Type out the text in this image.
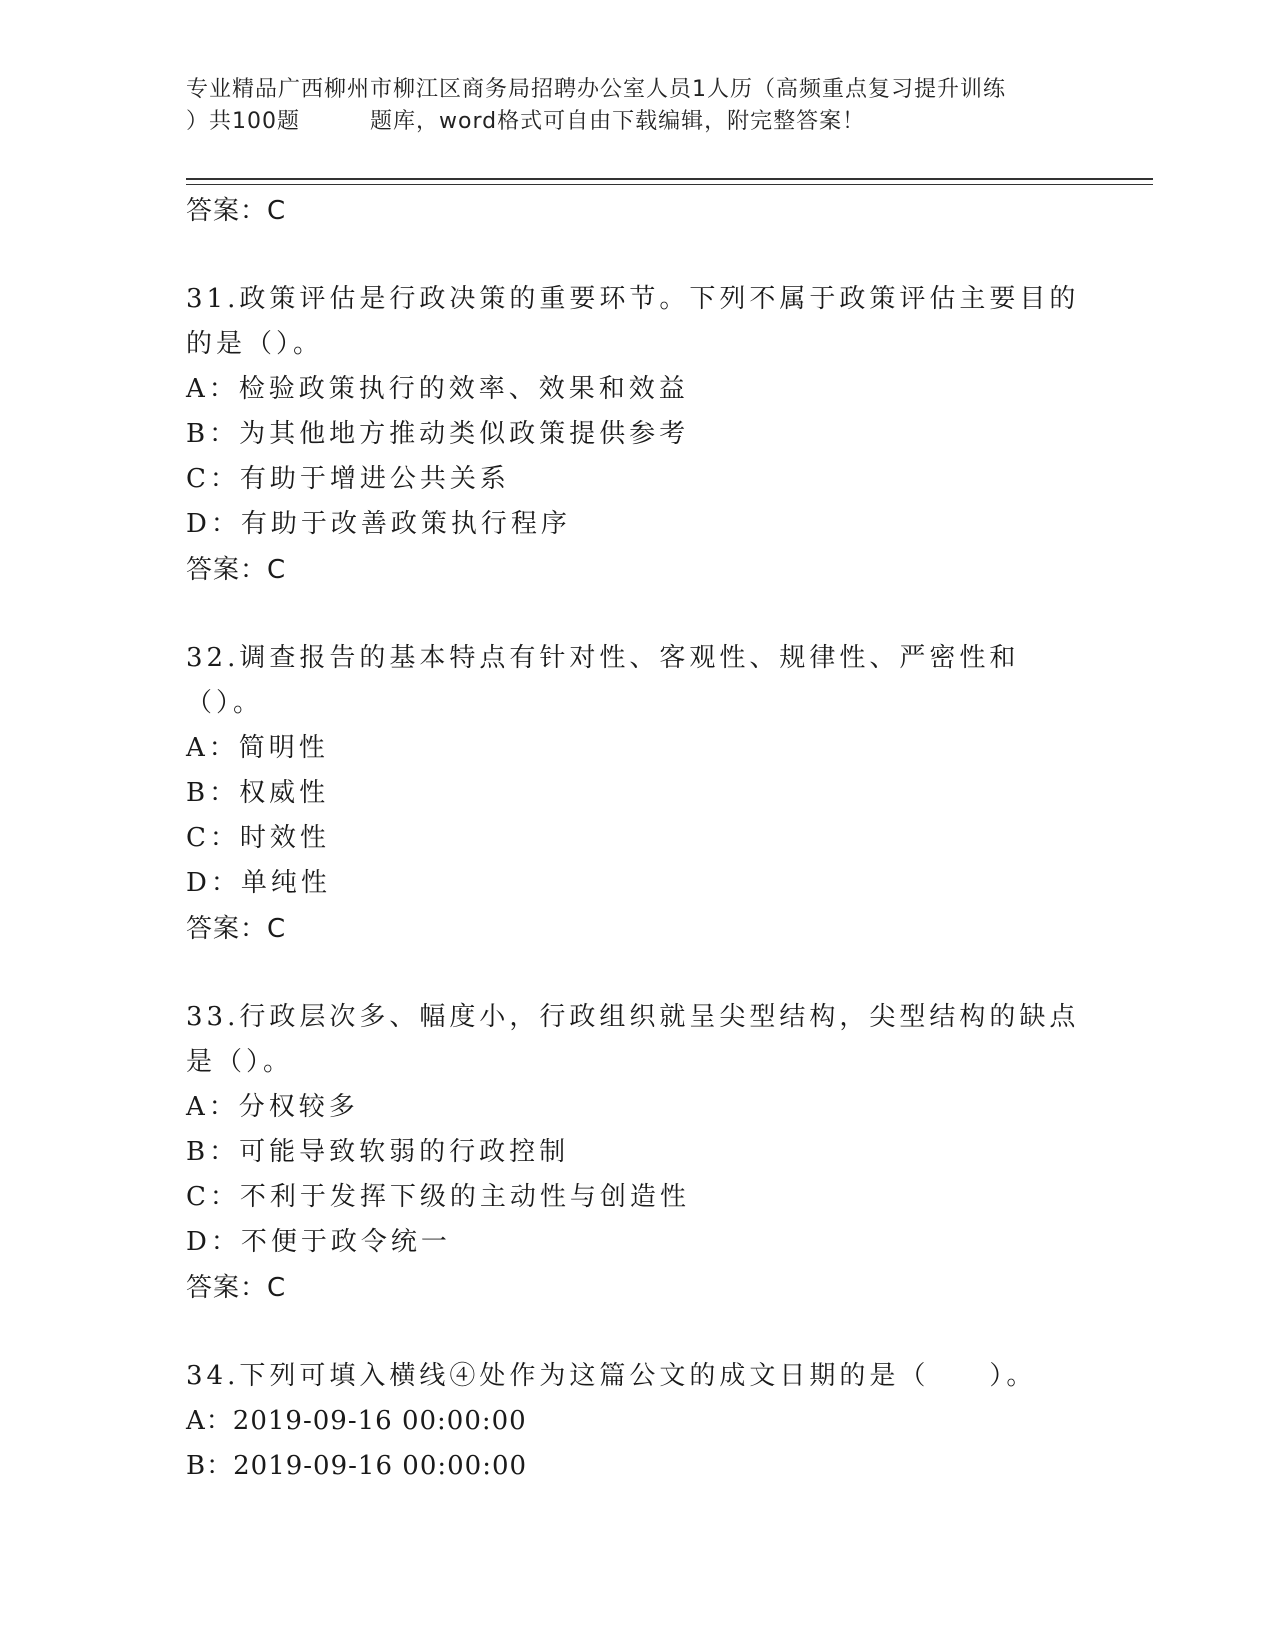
专业精品广西柳州市柳江区商务局招聘办公室人员1人历（高频重点复习提升训练
）共100题	题库，word格式可自由下载编辑，附完整答案！
答案：C
31.政策评估是行政决策的重要环节。下列不属于政策评估主要目的的是（）。
A：检验政策执行的效率、效果和效益
B：为其他地方推动类似政策提供参考
C：有助于增进公共关系
D：有助于改善政策执行程序
答案：C
32.调查报告的基本特点有针对性、客观性、规律性、严密性和（）。
A：简明性
B：权威性
C：时效性
D：单纯性
答案：C
33.行政层次多、幅度小，行政组织就呈尖型结构，尖型结构的缺点是（）。
A：分权较多
B：可能导致软弱的行政控制
C：不利于发挥下级的主动性与创造性
D：不便于政令统一
答案：C
34.下列可填入横线④处作为这篇公文的成文日期的是（　　）。
A：2019-09-16 00:00:00
B：2019-09-16 00:00:00
